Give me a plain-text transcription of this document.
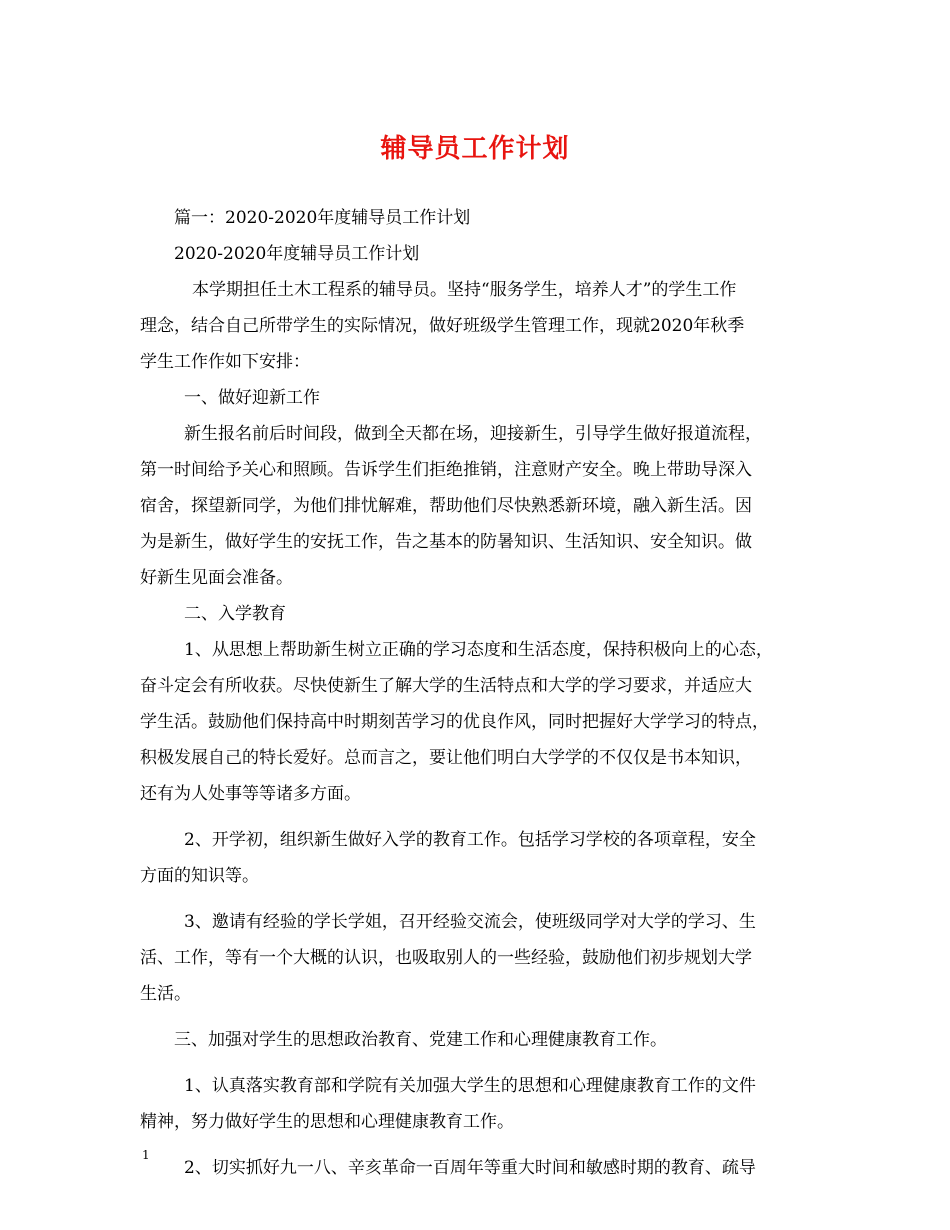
辅导员工作计划

篇一：2020-2020年度辅导员工作计划

2020-2020年度辅导员工作计划

本学期担任土木工程系的辅导员。坚持“服务学生，培养人才”的学生工作

理念，结合自己所带学生的实际情况，做好班级学生管理工作，现就2020年秋季

学生工作作如下安排：

一、做好迎新工作

新生报名前后时间段，做到全天都在场，迎接新生，引导学生做好报道流程，

第一时间给予关心和照顾。告诉学生们拒绝推销，注意财产安全。晚上带助导深入

宿舍，探望新同学，为他们排忧解难，帮助他们尽快熟悉新环境，融入新生活。因

为是新生，做好学生的安抚工作，告之基本的防暑知识、生活知识、安全知识。做

好新生见面会准备。

二、入学教育

1、从思想上帮助新生树立正确的学习态度和生活态度，保持积极向上的心态，

奋斗定会有所收获。尽快使新生了解大学的生活特点和大学的学习要求，并适应大

学生活。鼓励他们保持高中时期刻苦学习的优良作风，同时把握好大学学习的特点，

积极发展自己的特长爱好。总而言之，要让他们明白大学学的不仅仅是书本知识，

还有为人处事等等诸多方面。

2、开学初，组织新生做好入学的教育工作。包括学习学校的各项章程，安全

方面的知识等。

3、邀请有经验的学长学姐，召开经验交流会，使班级同学对大学的学习、生

活、工作，等有一个大概的认识，也吸取别人的一些经验，鼓励他们初步规划大学

生活。

三、加强对学生的思想政治教育、党建工作和心理健康教育工作。

1、认真落实教育部和学院有关加强大学生的思想和心理健康教育工作的文件

精神，努力做好学生的思想和心理健康教育工作。

2、切实抓好九一八、辛亥革命一百周年等重大时间和敏感时期的教育、疏导

1
